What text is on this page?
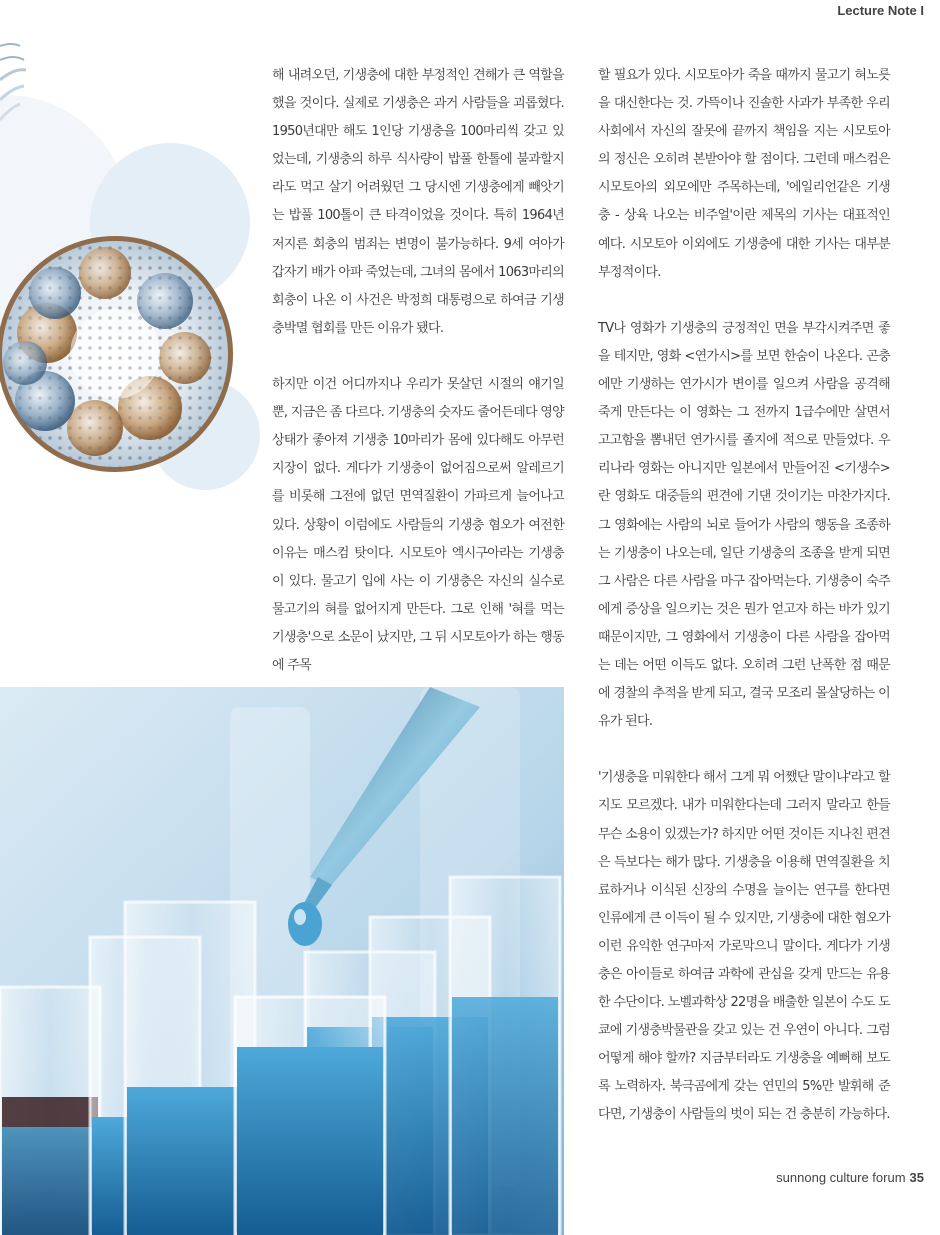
Lecture Note I

해 내려오던, 기생충에 대한 부정적인 견해가 큰 역할을 했을 것이다. 실제로 기생충은 과거 사람들을 괴롭혔다. 1950년대만 해도 1인당 기생충을 100마리씩 갖고 있었는데, 기생충의 하루 식사량이 밥풀 한톨에 불과할지라도 먹고 살기 어려웠던 그 당시엔 기생충에게 빼앗기는 밥풀 100톨이 큰 타격이었을 것이다. 특히 1964년 저지른 회충의 범죄는 변명이 불가능하다. 9세 여아가 갑자기 배가 아파 죽었는데, 그녀의 몸에서 1063마리의 회충이 나온 이 사건은 박정희 대통령으로 하여금 기생충박멸 협회를 만든 이유가 됐다.

하지만 이건 어디까지나 우리가 못살던 시절의 얘기일 뿐, 지금은 좀 다르다. 기생충의 숫자도 줄어든데다 영양상태가 좋아져 기생충 10마리가 몸에 있다해도 아무런 지장이 없다. 게다가 기생충이 없어짐으로써 알레르기를 비롯해 그전에 없던 면역질환이 가파르게 늘어나고 있다. 상황이 이럼에도 사람들의 기생충 혐오가 여전한 이유는 매스컴 탓이다. 시모토아 엑시구아라는 기생충이 있다. 물고기 입에 사는 이 기생충은 자신의 실수로 물고기의 혀를 없어지게 만든다. 그로 인해 '혀를 먹는 기생충'으로 소문이 났지만, 그 뒤 시모토아가 하는 행동에 주목

할 필요가 있다. 시모토아가 죽을 때까지 물고기 혀노릇을 대신한다는 것. 가뜩이나 진솔한 사과가 부족한 우리 사회에서 자신의 잘못에 끝까지 책임을 지는 시모토아의 정신은 오히려 본받아야 할 점이다. 그런데 매스컴은 시모토아의 외모에만 주목하는데, '에일리언같은 기생충 - 상육 나오는 비주얼'이란 제목의 기사는 대표적인 예다. 시모토아 이외에도 기생충에 대한 기사는 대부분 부정적이다.

TV나 영화가 기생충의 긍정적인 면을 부각시켜주면 좋을 테지만, 영화 <연가시>를 보면 한숨이 나온다. 곤충에만 기생하는 연가시가 변이를 일으켜 사람을 공격해 죽게 만든다는 이 영화는 그 전까지 1급수에만 살면서 고고함을 뽐내던 연가시를 졸지에 적으로 만들었다. 우리나라 영화는 아니지만 일본에서 만들어진 <기생수>란 영화도 대중들의 편견에 기댄 것이기는 마찬가지다. 그 영화에는 사람의 뇌로 들어가 사람의 행동을 조종하는 기생충이 나오는데, 일단 기생충의 조종을 받게 되면 그 사람은 다른 사람을 마구 잡아먹는다. 기생충이 숙주에게 증상을 일으키는 것은 뭔가 얻고자 하는 바가 있기 때문이지만, 그 영화에서 기생충이 다른 사람을 잡아먹는 데는 어떤 이득도 없다. 오히려 그런 난폭한 점 때문에 경찰의 추적을 받게 되고, 결국 모조리 몰살당하는 이유가 된다.

'기생충을 미워한다 해서 그게 뭐 어쨌단 말이냐'라고 할지도 모르겠다. 내가 미워한다는데 그러지 말라고 한들 무슨 소용이 있겠는가? 하지만 어떤 것이든 지나친 편견은 득보다는 해가 많다. 기생충을 이용해 면역질환을 치료하거나 이식된 신장의 수명을 늘이는 연구를 한다면 인류에게 큰 이득이 될 수 있지만, 기생충에 대한 혐오가 이런 유익한 연구마저 가로막으니 말이다. 게다가 기생충은 아이들로 하여금 과학에 관심을 갖게 만드는 유용한 수단이다. 노벨과학상 22명을 배출한 일본이 수도 도쿄에 기생충박물관을 갖고 있는 건 우연이 아니다. 그럼 어떻게 해야 할까? 지금부터라도 기생충을 예뻐해 보도록 노력하자. 북극곰에게 갖는 연민의 5%만 발휘해 준다면, 기생충이 사람들의 벗이 되는 건 충분히 가능하다.

sunnong culture forum 35
